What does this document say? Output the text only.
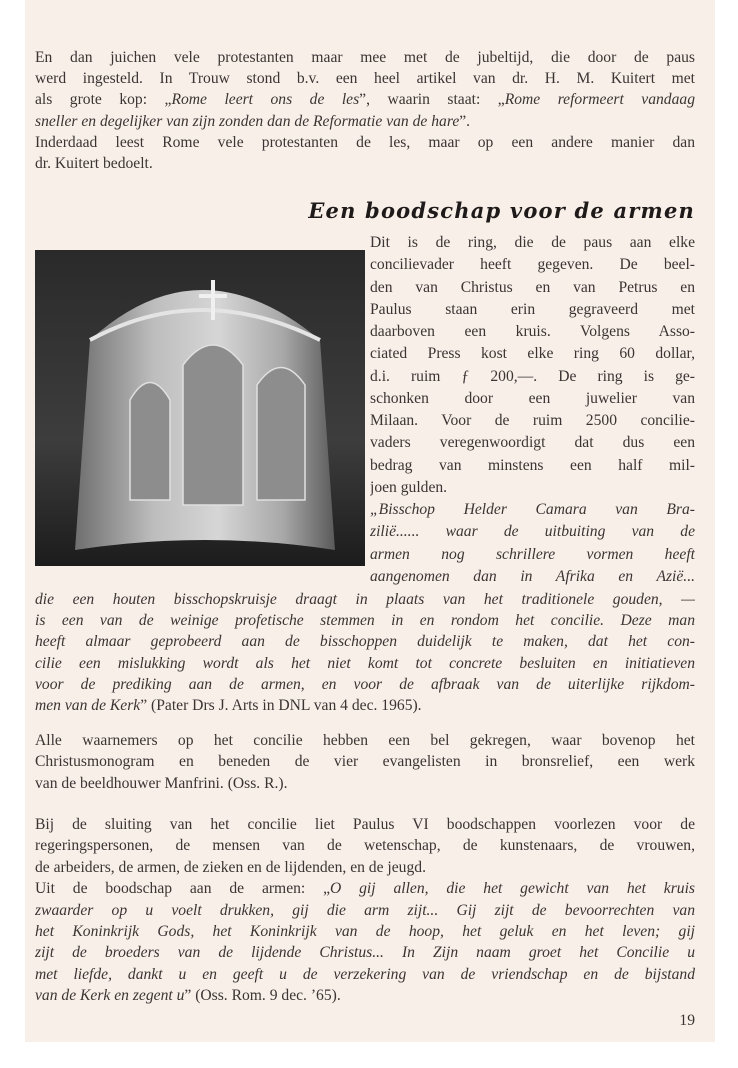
En dan juichen vele protestanten maar mee met de jubeltijd, die door de paus
werd ingesteld. In Trouw stond b.v. een heel artikel van dr. H. M. Kuitert met
als grote kop: „Rome leert ons de les”, waarin staat: „Rome reformeert vandaag
sneller en degelijker van zijn zonden dan de Reformatie van de hare”.
Inderdaad leest Rome vele protestanten de les, maar op een andere manier dan
dr. Kuitert bedoelt.
Een boodschap voor de armen
Dit is de ring, die de paus aan elke
concilievader heeft gegeven. De beel-
den van Christus en van Petrus en
Paulus staan erin gegraveerd met
daarboven een kruis. Volgens Asso-
ciated Press kost elke ring 60 dollar,
d.i. ruim ƒ 200,—. De ring is ge-
schonken door een juwelier van
Milaan. Voor de ruim 2500 concilie-
vaders veregenwoordigt dat dus een
bedrag van minstens een half mil-
joen gulden.
„Bisschop Helder Camara van Bra-
zilië...... waar de uitbuiting van de
armen nog schrillere vormen heeft
aangenomen dan in Afrika en Azië...
die een houten bisschopskruisje draagt in plaats van het traditionele gouden, —
is een van de weinige profetische stemmen in en rondom het concilie. Deze man
heeft almaar geprobeerd aan de bisschoppen duidelijk te maken, dat het con-
cilie een mislukking wordt als het niet komt tot concrete besluiten en initiatieven
voor de prediking aan de armen, en voor de afbraak van de uiterlijke rijkdom-
men van de Kerk” (Pater Drs J. Arts in DNL van 4 dec. 1965).
Alle waarnemers op het concilie hebben een bel gekregen, waar bovenop het
Christusmonogram en beneden de vier evangelisten in bronsrelief, een werk
van de beeldhouwer Manfrini. (Oss. R.).
Bij de sluiting van het concilie liet Paulus VI boodschappen voorlezen voor de
regeringspersonen, de mensen van de wetenschap, de kunstenaars, de vrouwen,
de arbeiders, de armen, de zieken en de lijdenden, en de jeugd.
Uit de boodschap aan de armen: „O gij allen, die het gewicht van het kruis
zwaarder op u voelt drukken, gij die arm zijt... Gij zijt de bevoorrechten van
het Koninkrijk Gods, het Koninkrijk van de hoop, het geluk en het leven; gij
zijt de broeders van de lijdende Christus... In Zijn naam groet het Concilie u
met liefde, dankt u en geeft u de verzekering van de vriendschap en de bijstand
van de Kerk en zegent u” (Oss. Rom. 9 dec. ’65).
19
